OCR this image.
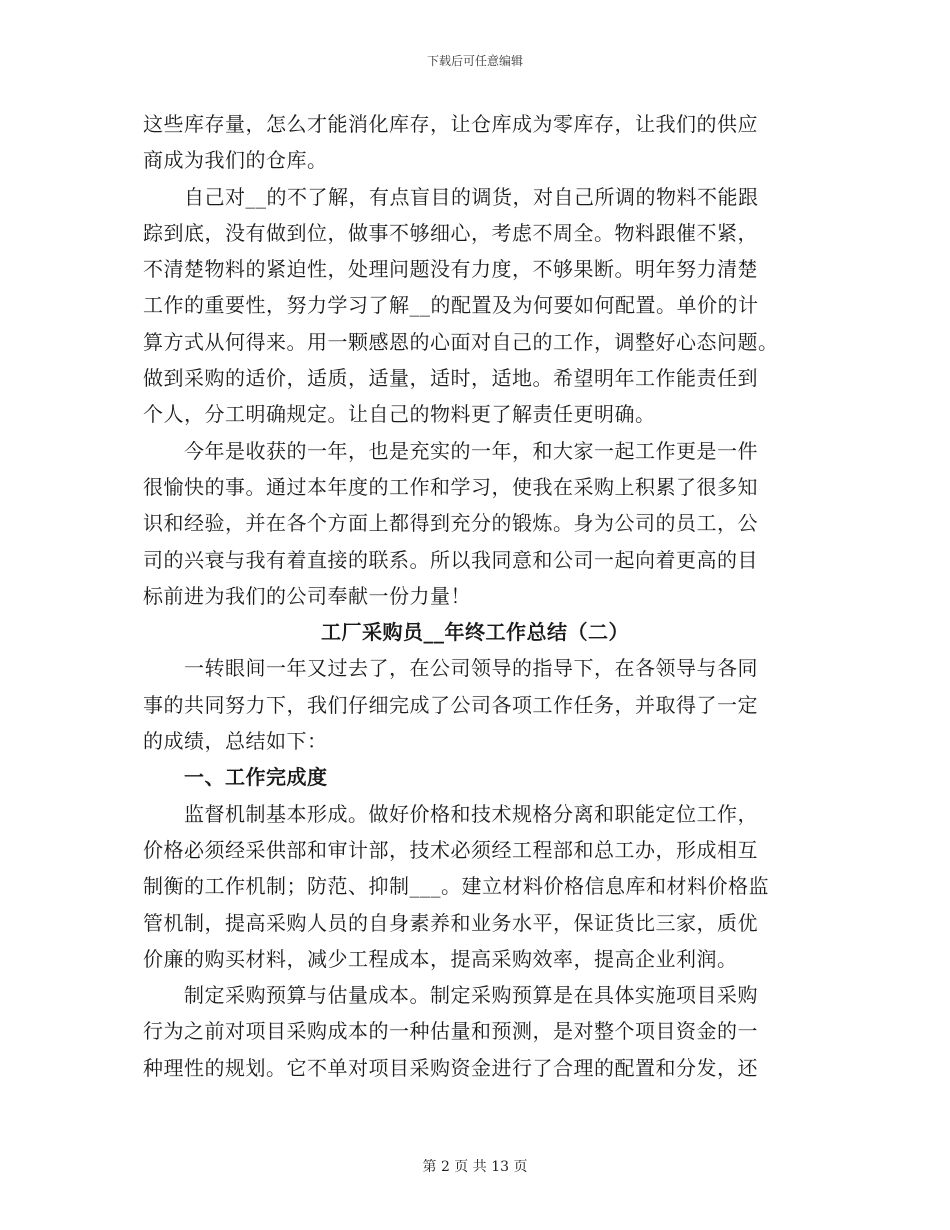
下载后可任意编辑
这些库存量，怎么才能消化库存，让仓库成为零库存，让我们的供应
商成为我们的仓库。
　　自己对__的不了解，有点盲目的调货，对自己所调的物料不能跟
踪到底，没有做到位，做事不够细心，考虑不周全。物料跟催不紧，
不清楚物料的紧迫性，处理问题没有力度，不够果断。明年努力清楚
工作的重要性，努力学习了解__的配置及为何要如何配置。单价的计
算方式从何得来。用一颗感恩的心面对自己的工作，调整好心态问题。
做到采购的适价，适质，适量，适时，适地。希望明年工作能责任到
个人，分工明确规定。让自己的物料更了解责任更明确。
　　今年是收获的一年，也是充实的一年，和大家一起工作更是一件
很愉快的事。通过本年度的工作和学习，使我在采购上积累了很多知
识和经验，并在各个方面上都得到充分的锻炼。身为公司的员工，公
司的兴衰与我有着直接的联系。所以我同意和公司一起向着更高的目
标前进为我们的公司奉献一份力量！
工厂采购员__年终工作总结（二）
　　一转眼间一年又过去了，在公司领导的指导下，在各领导与各同
事的共同努力下，我们仔细完成了公司各项工作任务，并取得了一定
的成绩，总结如下：
　　一、工作完成度
　　监督机制基本形成。做好价格和技术规格分离和职能定位工作，
价格必须经采供部和审计部，技术必须经工程部和总工办，形成相互
制衡的工作机制；防范、抑制___。建立材料价格信息库和材料价格监
管机制，提高采购人员的自身素养和业务水平，保证货比三家，质优
价廉的购买材料，减少工程成本，提高采购效率，提高企业利润。
　　制定采购预算与估量成本。制定采购预算是在具体实施项目采购
行为之前对项目采购成本的一种估量和预测，是对整个项目资金的一
种理性的规划。它不单对项目采购资金进行了合理的配置和分发，还
第 2 页 共 13 页
